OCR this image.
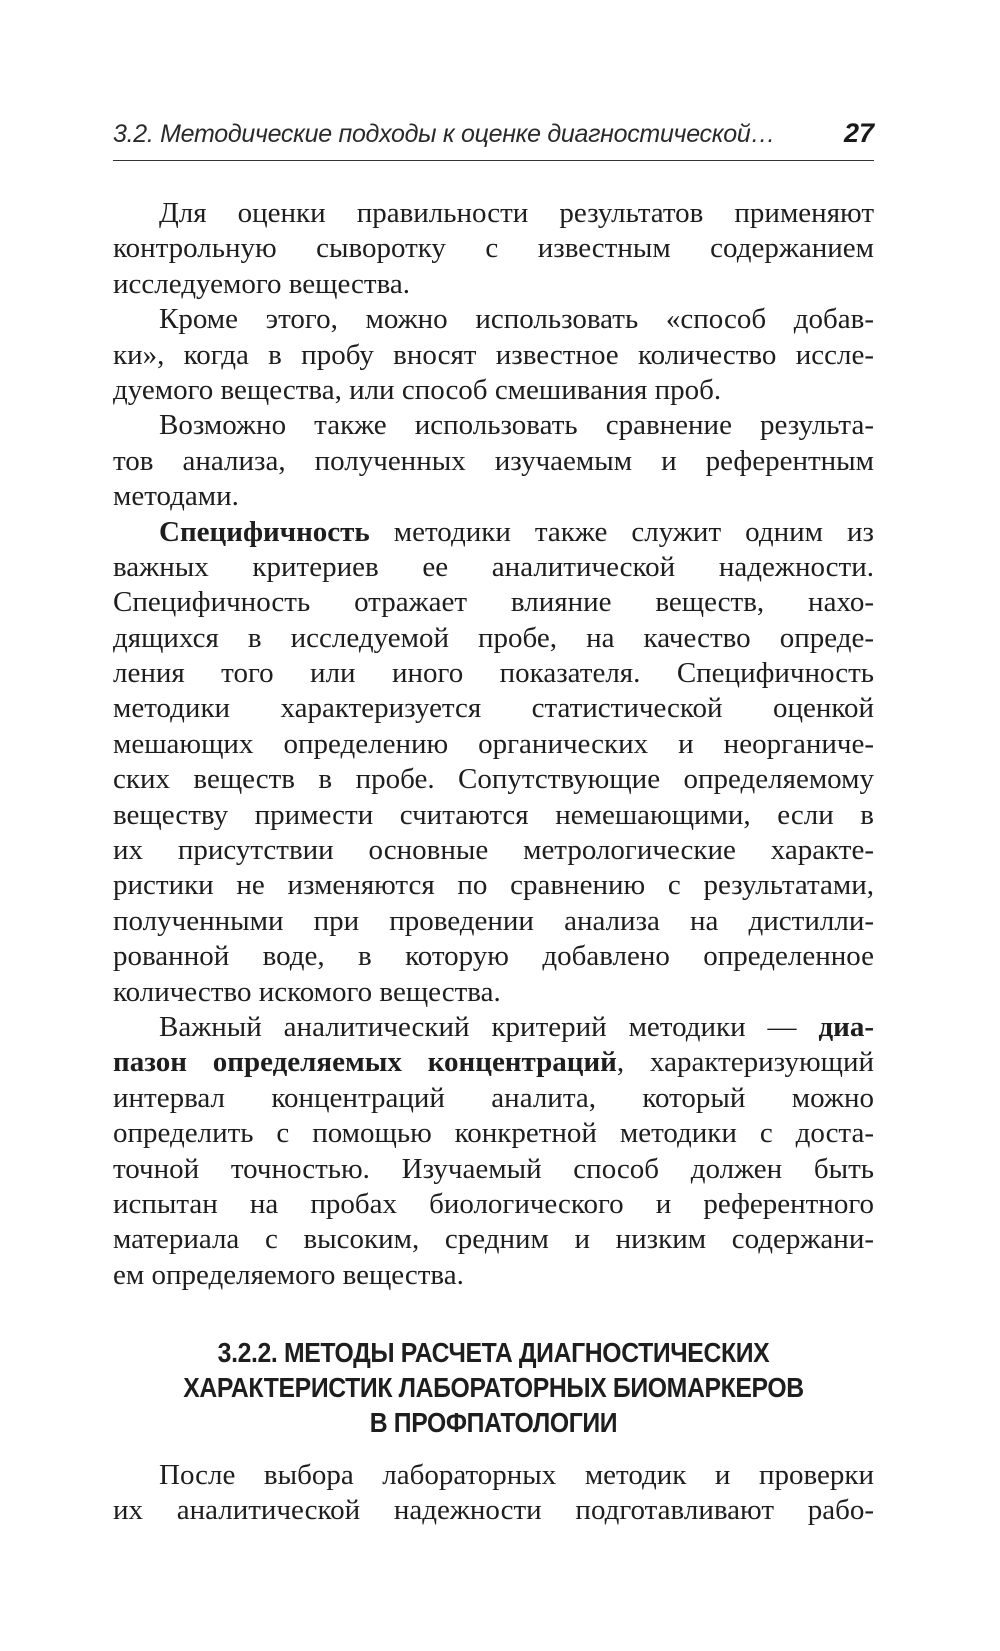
3.2. Методические подходы к оценке диагностической…	27
Для оценки правильности результатов применяют
контрольную сыворотку с известным содержанием
исследуемого вещества.
Кроме этого, можно использовать «способ добав-
ки», когда в пробу вносят известное количество иссле-
дуемого вещества, или способ смешивания проб.
Возможно также использовать сравнение результа-
тов анализа, полученных изучаемым и референтным
методами.
Специфичность методики также служит одним из
важных критериев ее аналитической надежности.
Специфичность отражает влияние веществ, нахо-
дящихся в исследуемой пробе, на качество опреде-
ления того или иного показателя. Специфичность
методики характеризуется статистической оценкой
мешающих определению органических и неорганиче-
ских веществ в пробе. Сопутствующие определяемому
веществу примести считаются немешающими, если в
их присутствии основные метрологические характе-
ристики не изменяются по сравнению с результатами,
полученными при проведении анализа на дистилли-
рованной воде, в которую добавлено определенное
количество искомого вещества.
Важный аналитический критерий методики — диа-
пазон определяемых концентраций, характеризующий
интервал концентраций аналита, который можно
определить с помощью конкретной методики с доста-
точной точностью. Изучаемый способ должен быть
испытан на пробах биологического и референтного
материала с высоким, средним и низким содержани-
ем определяемого вещества.
3.2.2. МЕТОДЫ РАСЧЕТА ДИАГНОСТИЧЕСКИХ
ХАРАКТЕРИСТИК ЛАБОРАТОРНЫХ БИОМАРКЕРОВ
В ПРОФПАТОЛОГИИ
После выбора лабораторных методик и проверки
их аналитической надежности подготавливают рабо-
